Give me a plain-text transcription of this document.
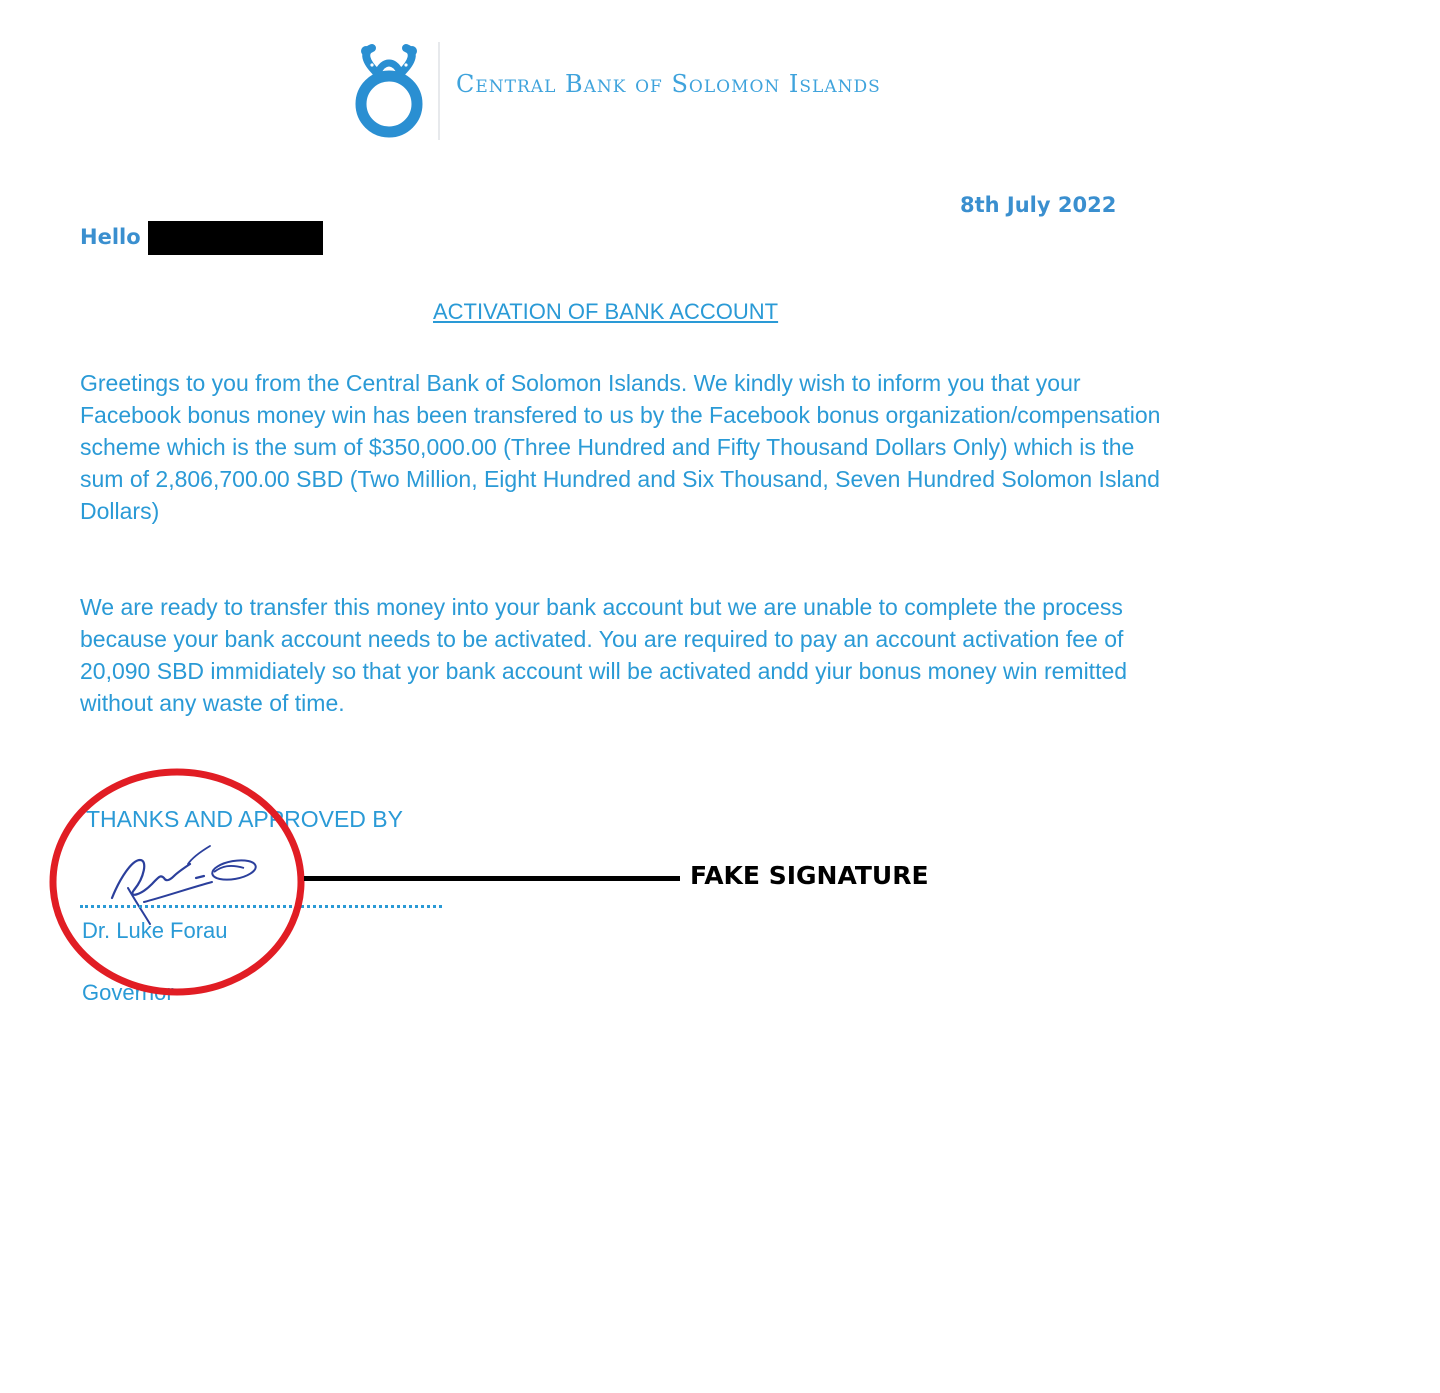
Central Bank of Solomon Islands
8th July 2022
Hello
ACTIVATION OF BANK ACCOUNT

Greetings to you from the Central Bank of Solomon Islands. We kindly wish to inform you that your Facebook bonus money win has been transfered to us by the Facebook bonus organization/compensation scheme which is the sum of $350,000.00 (Three Hundred and Fifty Thousand Dollars Only) which is the sum of 2,806,700.00 SBD (Two Million, Eight Hundred and Six Thousand, Seven Hundred Solomon Island Dollars)

We are ready to transfer this money into your bank account but we are unable to complete the process because your bank account needs to be activated. You are required to pay an account activation fee of 20,090 SBD immidiately so that yor bank account will be activated andd yiur bonus money win remitted without any waste of time.

THANKS AND APPROVED BY
Dr. Luke Forau
Governor
FAKE SIGNATURE
